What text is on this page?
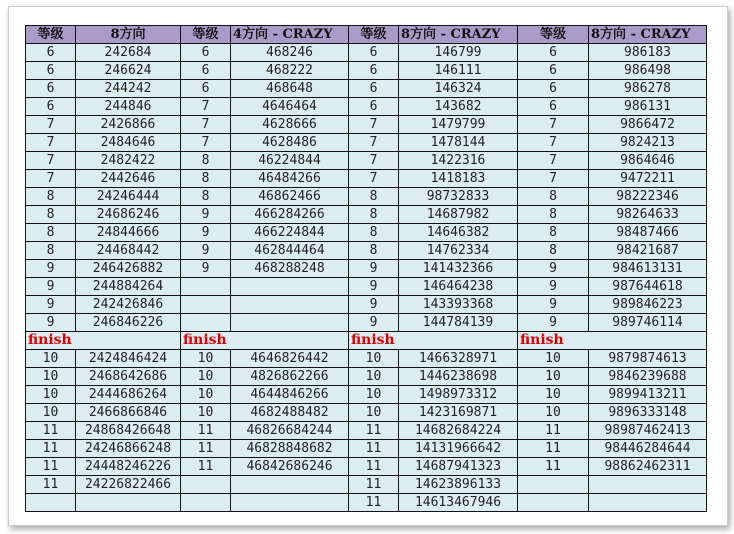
等级	8方向	等级	4方向 - CRAZY	等级	8方向 - CRAZY	等级	8方向 - CRAZY
6	242684	6	468246	6	146799	6	986183
6	246624	6	468222	6	146111	6	986498
6	244242	6	468648	6	146324	6	986278
6	244846	7	4646464	6	143682	6	986131
7	2426866	7	4628666	7	1479799	7	9866472
7	2484646	7	4628486	7	1478144	7	9824213
7	2482422	8	46224844	7	1422316	7	9864646
7	2442646	8	46484266	7	1418183	7	9472211
8	24246444	8	46862466	8	98732833	8	98222346
8	24686246	9	466284266	8	14687982	8	98264633
8	24844666	9	466224844	8	14646382	8	98487466
8	24468442	9	462844464	8	14762334	8	98421687
9	246426882	9	468288248	9	141432366	9	984613131
9	244884264			9	146464238	9	987644618
9	242426846			9	143393368	9	989846223
9	246846226			9	144784139	9	989746114
finish		finish		finish		finish	
10	2424846424	10	4646826442	10	1466328971	10	9879874613
10	2468642686	10	4826862266	10	1446238698	10	9846239688
10	2444686264	10	4644846266	10	1498973312	10	9899413211
10	2466866846	10	4682488482	10	1423169871	10	9896333148
11	24868426648	11	46826684244	11	14682684224	11	98987462413
11	24246866248	11	46828848682	11	14131966642	11	98446284644
11	24448246226	11	46842686246	11	14687941323	11	98862462311
11	24226822466			11	14623896133		
				11	14613467946		
